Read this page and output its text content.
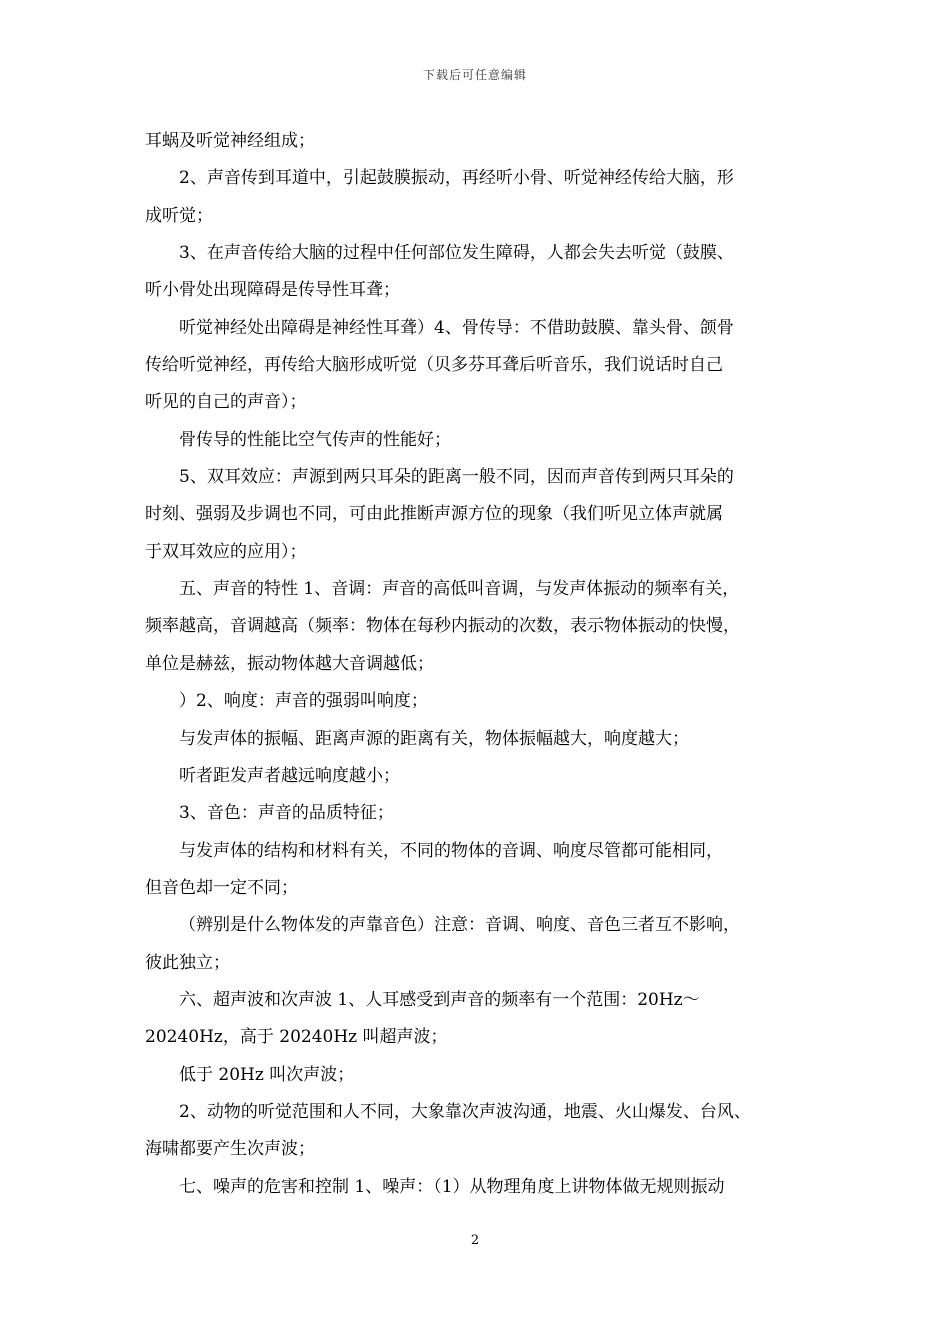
下载后可任意编辑
耳蜗及听觉神经组成；
2、声音传到耳道中，引起鼓膜振动，再经听小骨、听觉神经传给大脑，形
成听觉；
3、在声音传给大脑的过程中任何部位发生障碍，人都会失去听觉（鼓膜、
听小骨处出现障碍是传导性耳聋；
听觉神经处出障碍是神经性耳聋）4、骨传导：不借助鼓膜、靠头骨、颌骨
传给听觉神经，再传给大脑形成听觉（贝多芬耳聋后听音乐，我们说话时自己
听见的自己的声音）；
骨传导的性能比空气传声的性能好；
5、双耳效应：声源到两只耳朵的距离一般不同，因而声音传到两只耳朵的
时刻、强弱及步调也不同，可由此推断声源方位的现象（我们听见立体声就属
于双耳效应的应用）；
五、声音的特性 1、音调：声音的高低叫音调，与发声体振动的频率有关，
频率越高，音调越高（频率：物体在每秒内振动的次数，表示物体振动的快慢，
单位是赫兹，振动物体越大音调越低；
）2、响度：声音的强弱叫响度；
与发声体的振幅、距离声源的距离有关，物体振幅越大，响度越大；
听者距发声者越远响度越小；
3、音色：声音的品质特征；
与发声体的结构和材料有关，不同的物体的音调、响度尽管都可能相同，
但音色却一定不同；
（辨别是什么物体发的声靠音色）注意：音调、响度、音色三者互不影响，
彼此独立；
六、超声波和次声波 1、人耳感受到声音的频率有一个范围：20Hz～
20240Hz，高于 20240Hz 叫超声波；
低于 20Hz 叫次声波；
2、动物的听觉范围和人不同，大象靠次声波沟通，地震、火山爆发、台风、
海啸都要产生次声波；
七、噪声的危害和控制 1、噪声：（1）从物理角度上讲物体做无规则振动
2
